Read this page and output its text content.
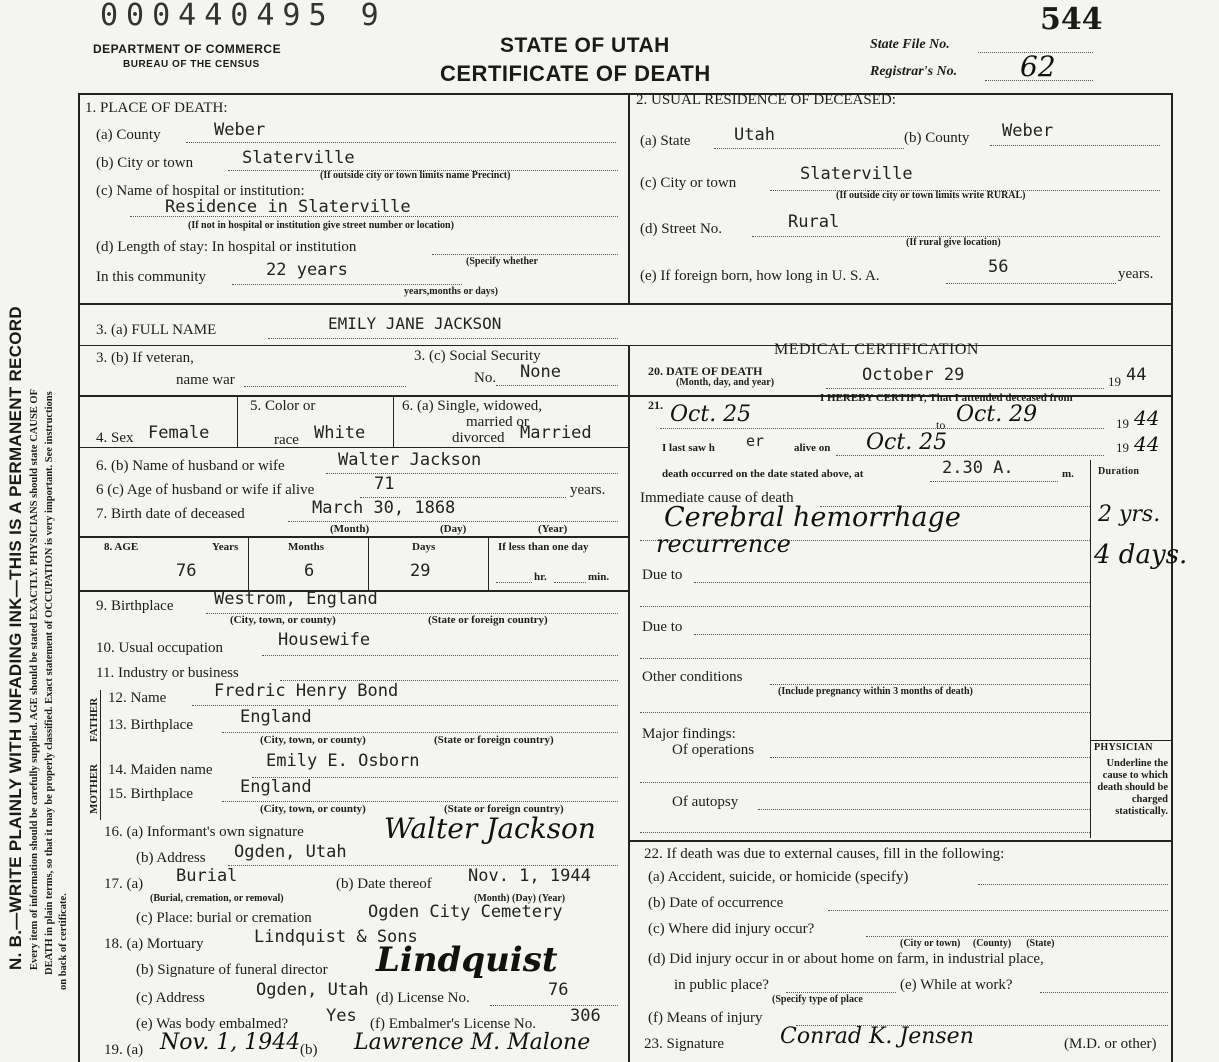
N. B.—WRITE PLAINLY WITH UNFADING INK—THIS IS A PERMANENT RECORD Every item of information should be carefully supplied. AGE should be stated EXACTLY. PHYSICIANS should state CAUSE OF DEATH in plain terms, so that it may be properly classified. Exact statement of OCCUPATION is very important. See instructions on back of certificate.
000440495 9	544
DEPARTMENT OF COMMERCE
BUREAU OF THE CENSUS
STATE OF UTAH
CERTIFICATE OF DEATH
State File No.
Registrar's No. 62
1. PLACE OF DEATH:
(a) County	Weber
(b) City or town	Slaterville
(If outside city or town limits name Precinct)
(c) Name of hospital or institution:
Residence in Slaterville
(If not in hospital or institution give street number or location)
(d) Length of stay: In hospital or institution
(Specify whether
In this community	22 years
years,months or days)
2. USUAL RESIDENCE OF DECEASED:
(a) State	Utah	(b) County Weber
(c) City or town	Slaterville
(If outside city or town limits write RURAL)
(d) Street No.	Rural
(If rural give location)
(e) If foreign born, how long in U. S. A.	56	years.
3. (a) FULL NAME	EMILY JANE JACKSON
3. (b) If veteran,
name war
3. (c) Social Security
No. None
MEDICAL CERTIFICATION
20. DATE OF DEATH
(Month, day, and year)	October 29	19 44
4. Sex Female
5. Color or
race White
6. (a) Single, widowed,
married or
divorced Married
21.	I HEREBY CERTIFY, That I attended deceased from
Oct. 25	to Oct. 29	19 44
I last saw h er	alive on Oct. 25	19 44
death occurred on the date stated above, at	2.30 A.	m. Duration
Immediate cause of death
Cerebral hemorrhage	2 yrs.
recurrence	4 days.
Due to
Due to
Other conditions
(Include pregnancy within 3 months of death)
Major findings:
Of operations
Of autopsy
PHYSICIAN
Underline the cause to which death should be charged statistically.
6. (b) Name of husband or wife	Walter Jackson
6 (c) Age of husband or wife if alive	71	years.
7. Birth date of deceased	March 30, 1868
(Month)	(Day)	(Year)
8. AGE	Years	Months	Days	If less than one day
76	6	29	hr.	min.
9. Birthplace Westrom, England
(City, town, or county)	(State or foreign country)
10. Usual occupation	Housewife
11. Industry or business
FATHER
MOTHER
12. Name	Fredric Henry Bond
13. Birthplace	England
(City, town, or county)	(State or foreign country)
14. Maiden name	Emily E. Osborn
15. Birthplace	England
(City, town, or county)	(State or foreign country)
16. (a) Informant's own signature	Walter Jackson
(b) Address Ogden, Utah
17. (a) Burial
(Burial, cremation, or removal)
(b) Date thereof Nov. 1, 1944
(Month) (Day) (Year)
(c) Place: burial or cremation	Ogden City Cemetery
18. (a) Mortuary	Lindquist & Sons
(b) Signature of funeral director Lindquist
(c) Address	Ogden, Utah (d) License No.	76
(e) Was body embalmed? Yes (f) Embalmer's License No. 306
19. (a) Nov. 1, 1944 (b) Lawrence M. Malone
22. If death was due to external causes, fill in the following:
(a) Accident, suicide, or homicide (specify)
(b) Date of occurrence
(c) Where did injury occur?
(City or town)     (County)      (State)
(d) Did injury occur in or about home on farm, in industrial place,
in public place?	(e) While at work?
(Specify type of place
(f) Means of injury
23. Signature	Conrad K. Jensen	(M.D. or other)
